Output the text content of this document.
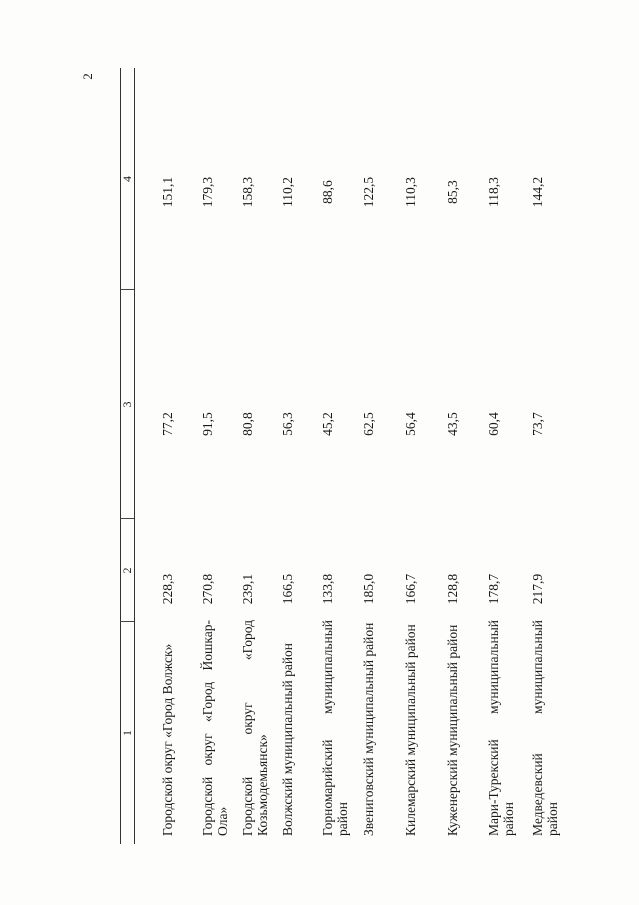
2
1
2
3
4
Городской округ «Город Волжск»
228,3
77,2
151,1
Городской округ «Город Йошкар-Ола»
270,8
91,5
179,3
Городской округ «Город Козьмодемьянск»
239,1
80,8
158,3
Волжский муниципальный район
166,5
56,3
110,2
Горномарийский муниципальный район
133,8
45,2
88,6
Звениговский муниципальный район
185,0
62,5
122,5
Килемарский муниципальный район
166,7
56,4
110,3
Куженерский муниципальный район
128,8
43,5
85,3
Мари-Турекский муниципальный район
178,7
60,4
118,3
Медведевский муниципальный район
217,9
73,7
144,2
